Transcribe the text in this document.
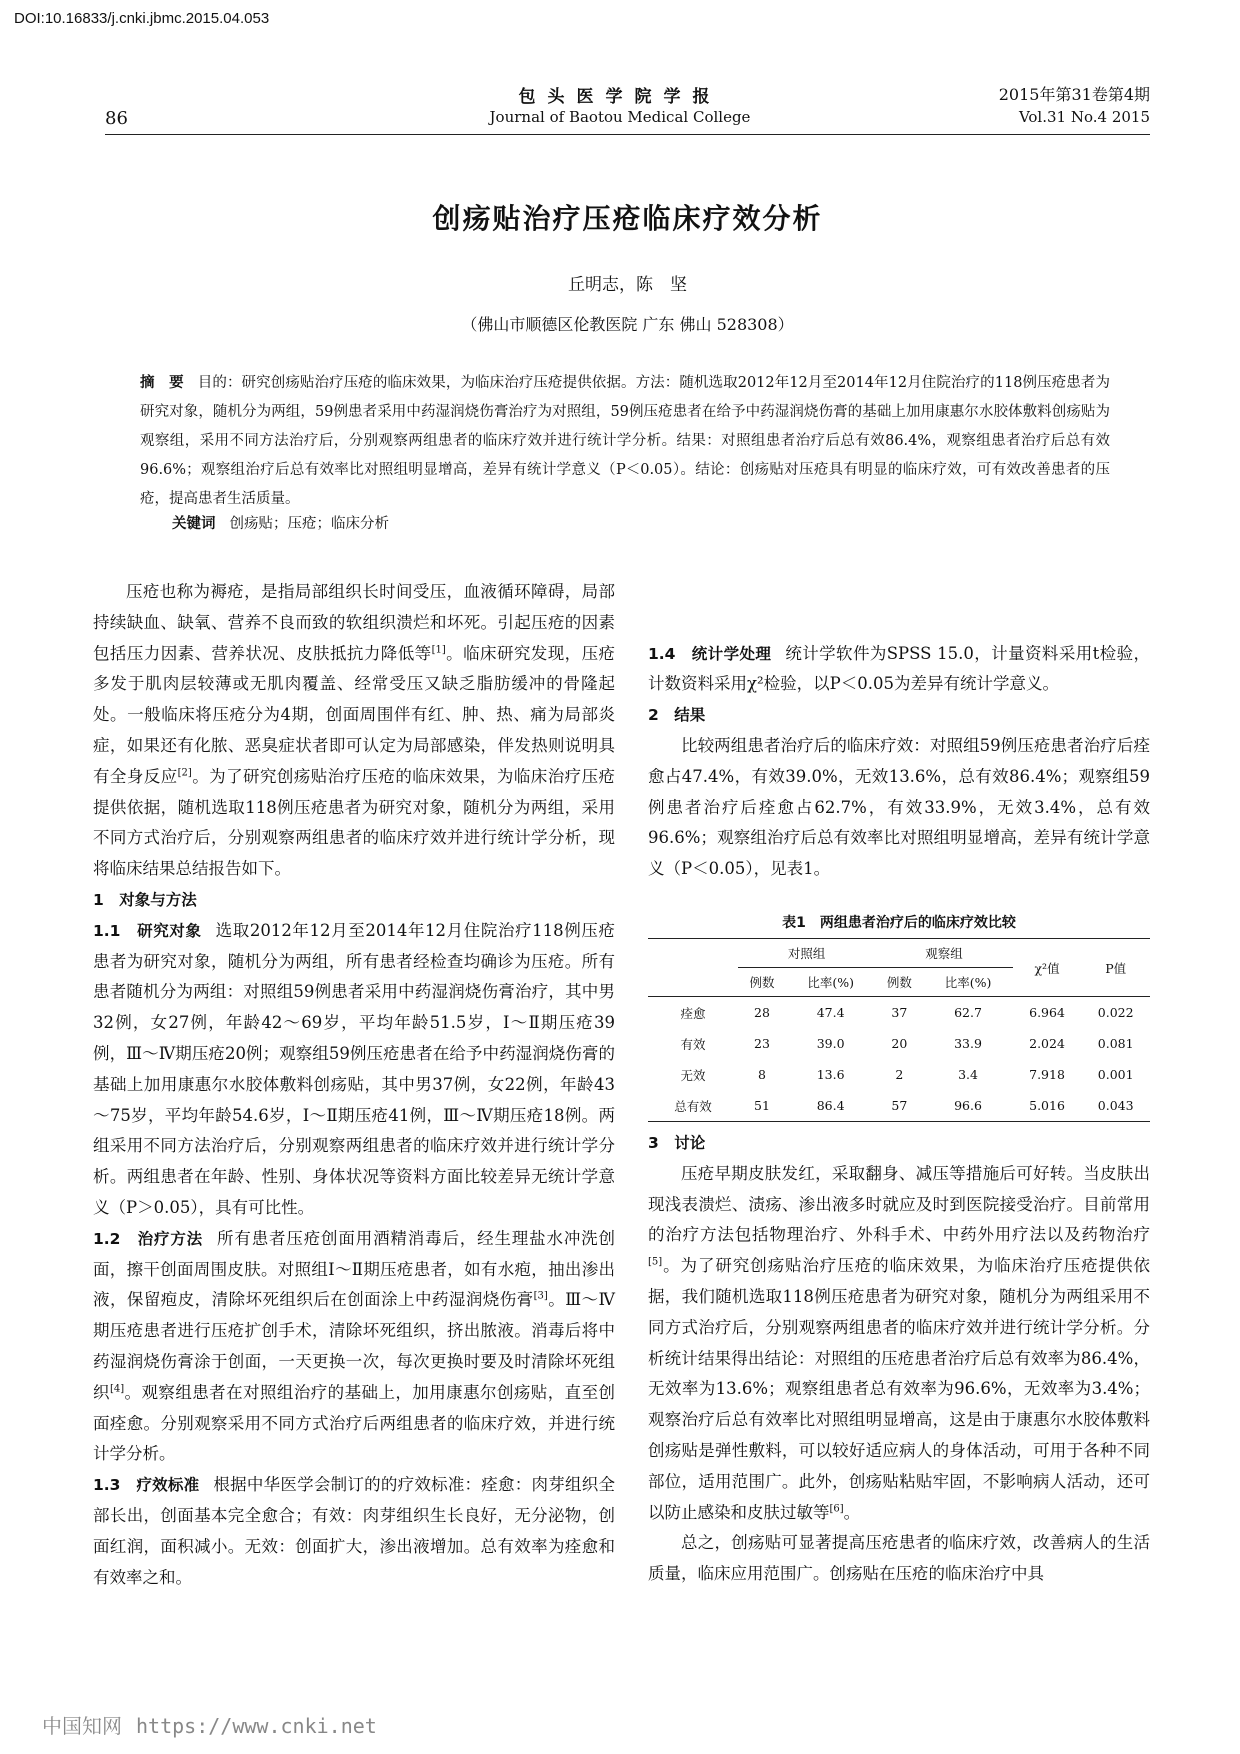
DOI:10.16833/j.cnki.jbmc.2015.04.053
86
包头医学院学报
Journal of Baotou Medical College
2015年第31卷第4期
Vol.31 No.4 2015
创疡贴治疗压疮临床疗效分析
丘明志，陈　坚
（佛山市顺德区伦教医院 广东 佛山 528308）
摘　要 目的：研究创疡贴治疗压疮的临床效果，为临床治疗压疮提供依据。方法：随机选取2012年12月至2014年12月住院治疗的118例压疮患者为研究对象，随机分为两组，59例患者采用中药湿润烧伤膏治疗为对照组，59例压疮患者在给予中药湿润烧伤膏的基础上加用康惠尔水胶体敷料创疡贴为观察组，采用不同方法治疗后，分别观察两组患者的临床疗效并进行统计学分析。结果：对照组患者治疗后总有效86.4%，观察组患者治疗后总有效96.6%；观察组治疗后总有效率比对照组明显增高，差异有统计学意义（P＜0.05）。结论：创疡贴对压疮具有明显的临床疗效，可有效改善患者的压疮，提高患者生活质量。
关键词 创疡贴；压疮；临床分析

压疮也称为褥疮，是指局部组织长时间受压，血液循环障碍，局部持续缺血、缺氧、营养不良而致的软组织溃烂和坏死。引起压疮的因素包括压力因素、营养状况、皮肤抵抗力降低等[1]。临床研究发现，压疮多发于肌肉层较薄或无肌肉覆盖、经常受压又缺乏脂肪缓冲的骨隆起处。一般临床将压疮分为4期，创面周围伴有红、肿、热、痛为局部炎症，如果还有化脓、恶臭症状者即可认定为局部感染，伴发热则说明具有全身反应[2]。为了研究创疡贴治疗压疮的临床效果，为临床治疗压疮提供依据，随机选取118例压疮患者为研究对象，随机分为两组，采用不同方式治疗后，分别观察两组患者的临床疗效并进行统计学分析，现将临床结果总结报告如下。

1　对象与方法

1.1　研究对象 选取2012年12月至2014年12月住院治疗118例压疮患者为研究对象，随机分为两组，所有患者经检查均确诊为压疮。所有患者随机分为两组：对照组59例患者采用中药湿润烧伤膏治疗，其中男32例，女27例，年龄42～69岁，平均年龄51.5岁，Ⅰ～Ⅱ期压疮39例，Ⅲ～Ⅳ期压疮20例；观察组59例压疮患者在给予中药湿润烧伤膏的基础上加用康惠尔水胶体敷料创疡贴，其中男37例，女22例，年龄43～75岁，平均年龄54.6岁，Ⅰ～Ⅱ期压疮41例，Ⅲ～Ⅳ期压疮18例。两组采用不同方法治疗后，分别观察两组患者的临床疗效并进行统计学分析。两组患者在年龄、性别、身体状况等资料方面比较差异无统计学意义（P＞0.05），具有可比性。

1.2　治疗方法 所有患者压疮创面用酒精消毒后，经生理盐水冲洗创面，擦干创面周围皮肤。对照组Ⅰ～Ⅱ期压疮患者，如有水疱，抽出渗出液，保留疱皮，清除坏死组织后在创面涂上中药湿润烧伤膏[3]。Ⅲ～Ⅳ期压疮患者进行压疮扩创手术，清除坏死组织，挤出脓液。消毒后将中药湿润烧伤膏涂于创面，一天更换一次，每次更换时要及时清除坏死组织[4]。观察组患者在对照组治疗的基础上，加用康惠尔创疡贴，直至创面痊愈。分别观察采用不同方式治疗后两组患者的临床疗效，并进行统计学分析。

1.3　疗效标准 根据中华医学会制订的的疗效标准：痊愈：肉芽组织全部长出，创面基本完全愈合；有效：肉芽组织生长良好，无分泌物，创面红润，面积减小。无效：创面扩大，渗出液增加。总有效率为痊愈和有效率之和。

1.4　统计学处理 统计学软件为SPSS 15.0，计量资料采用t检验，计数资料采用χ²检验，以P＜0.05为差异有统计学意义。

2　结果

比较两组患者治疗后的临床疗效：对照组59例压疮患者治疗后痊愈占47.4%，有效39.0%，无效13.6%，总有效86.4%；观察组59例患者治疗后痊愈占62.7%，有效33.9%，无效3.4%，总有效96.6%；观察组治疗后总有效率比对照组明显增高，差异有统计学意义（P＜0.05），见表1。

表1　两组患者治疗后的临床疗效比较
	对照组		观察组		χ²值	P值
	例数	比率(%)	例数	比率(%)		
痊愈	28	47.4	37	62.7	6.964	0.022
有效	23	39.0	20	33.9	2.024	0.081
无效	8	13.6	2	3.4	7.918	0.001
总有效	51	86.4	57	96.6	5.016	0.043

3　讨论

压疮早期皮肤发红，采取翻身、减压等措施后可好转。当皮肤出现浅表溃烂、渍疡、渗出液多时就应及时到医院接受治疗。目前常用的治疗方法包括物理治疗、外科手术、中药外用疗法以及药物治疗[5]。为了研究创疡贴治疗压疮的临床效果，为临床治疗压疮提供依据，我们随机选取118例压疮患者为研究对象，随机分为两组采用不同方式治疗后，分别观察两组患者的临床疗效并进行统计学分析。分析统计结果得出结论：对照组的压疮患者治疗后总有效率为86.4%，无效率为13.6%；观察组患者总有效率为96.6%，无效率为3.4%；观察治疗后总有效率比对照组明显增高，这是由于康惠尔水胶体敷料创疡贴是弹性敷料，可以较好适应病人的身体活动，可用于各种不同部位，适用范围广。此外，创疡贴粘贴牢固，不影响病人活动，还可以防止感染和皮肤过敏等[6]。

总之，创疡贴可显著提高压疮患者的临床疗效，改善病人的生活质量，临床应用范围广。创疡贴在压疮的临床治疗中具

中国知网 https://www.cnki.net
